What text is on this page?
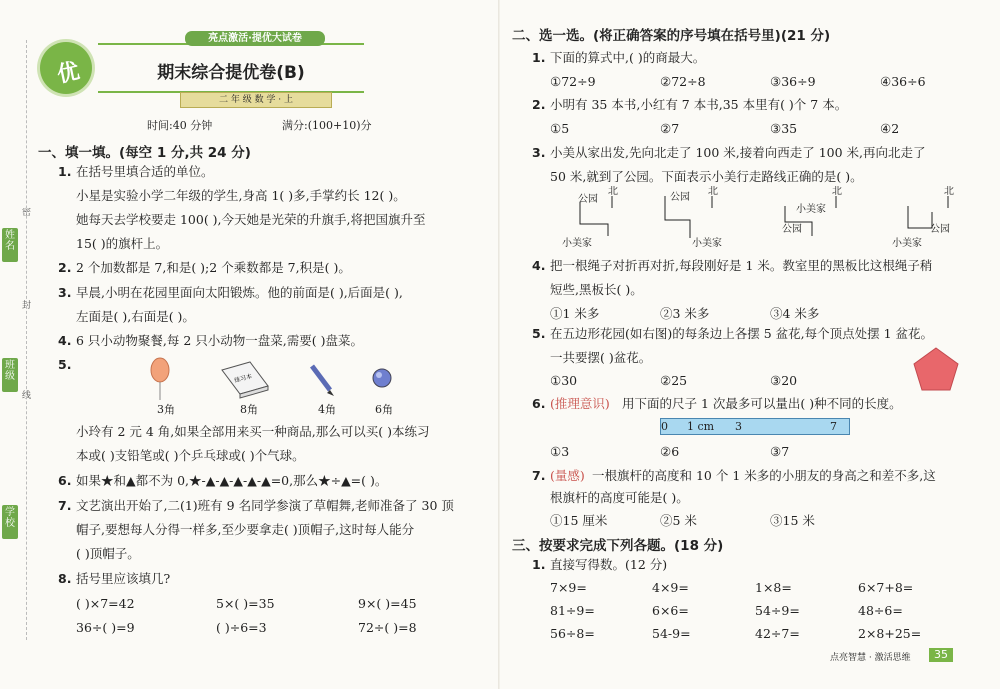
姓名
班级
学校
密
封
线
优
亮点激活·提优大试卷
期末综合提优卷(B)
二 年 级 数 学 · 上
时间:40 分钟	满分:(100+10)分
一、填一填。(每空 1 分,共 24 分)
1. 在括号里填合适的单位。
小星是实验小学二年级的学生,身高 1( )多,手掌约长 12( )。
她每天去学校要走 100( ),今天她是光荣的升旗手,将把国旗升至
15( )的旗杆上。
2. 2 个加数都是 7,和是( );2 个乘数都是 7,积是( )。
3. 早晨,小明在花园里面向太阳锻炼。他的前面是( ),后面是( ),
左面是( ),右面是( )。
4. 6 只小动物聚餐,每 2 只小动物一盘菜,需要( )盘菜。
5.
练习本
3角	8角	4角	6角
小玲有 2 元 4 角,如果全部用来买一种商品,那么可以买( )本练习
本或( )支铅笔或( )个乒乓球或( )个气球。
6. 如果★和▲都不为 0,★-▲-▲-▲-▲-▲=0,那么★÷▲=( )。
7. 文艺演出开始了,二(1)班有 9 名同学参演了草帽舞,老师准备了 30 顶
帽子,要想每人分得一样多,至少要拿走( )顶帽子,这时每人能分
( )顶帽子。
8. 括号里应该填几?
( )×7=42	5×( )=35	9×( )=45
36÷( )=9	( )÷6=3	72÷( )=8
二、选一选。(将正确答案的序号填在括号里)(21 分)
1. 下面的算式中,( )的商最大。
①72÷9	②72÷8	③36÷9	④36÷6
2. 小明有 35 本书,小红有 7 本书,35 本里有( )个 7 本。
①5	②7	③35	④2
3. 小美从家出发,先向北走了 100 米,接着向西走了 100 米,再向北走了
50 米,就到了公园。下面表示小美行走路线正确的是( )。
公园
小美家
北
公园
小美家
北
小美家
公园
北
公园
小美家
北
4. 把一根绳子对折再对折,每段刚好是 1 米。教室里的黑板比这根绳子稍
短些,黑板长( )。
①1 米多	②3 米多	③4 米多
5. 在五边形花园(如右图)的每条边上各摆 5 盆花,每个顶点处摆 1 盆花。
一共要摆( )盆花。
①30	②25	③20
6. (推理意识) 用下面的尺子 1 次最多可以量出( )种不同的长度。
0 1 cm 3	7
①3	②6	③7
7. (量感) 一根旗杆的高度和 10 个 1 米多的小朋友的身高之和差不多,这
根旗杆的高度可能是( )。
①15 厘米	②5 米	③15 米
三、按要求完成下列各题。(18 分)
1. 直接写得数。(12 分)
7×9=	4×9=	1×8=	6×7+8=
81÷9=	6×6=	54÷9=	48÷6=
56÷8=	54-9=	42÷7=	2×8+25=
点亮智慧 · 激活思维	35
